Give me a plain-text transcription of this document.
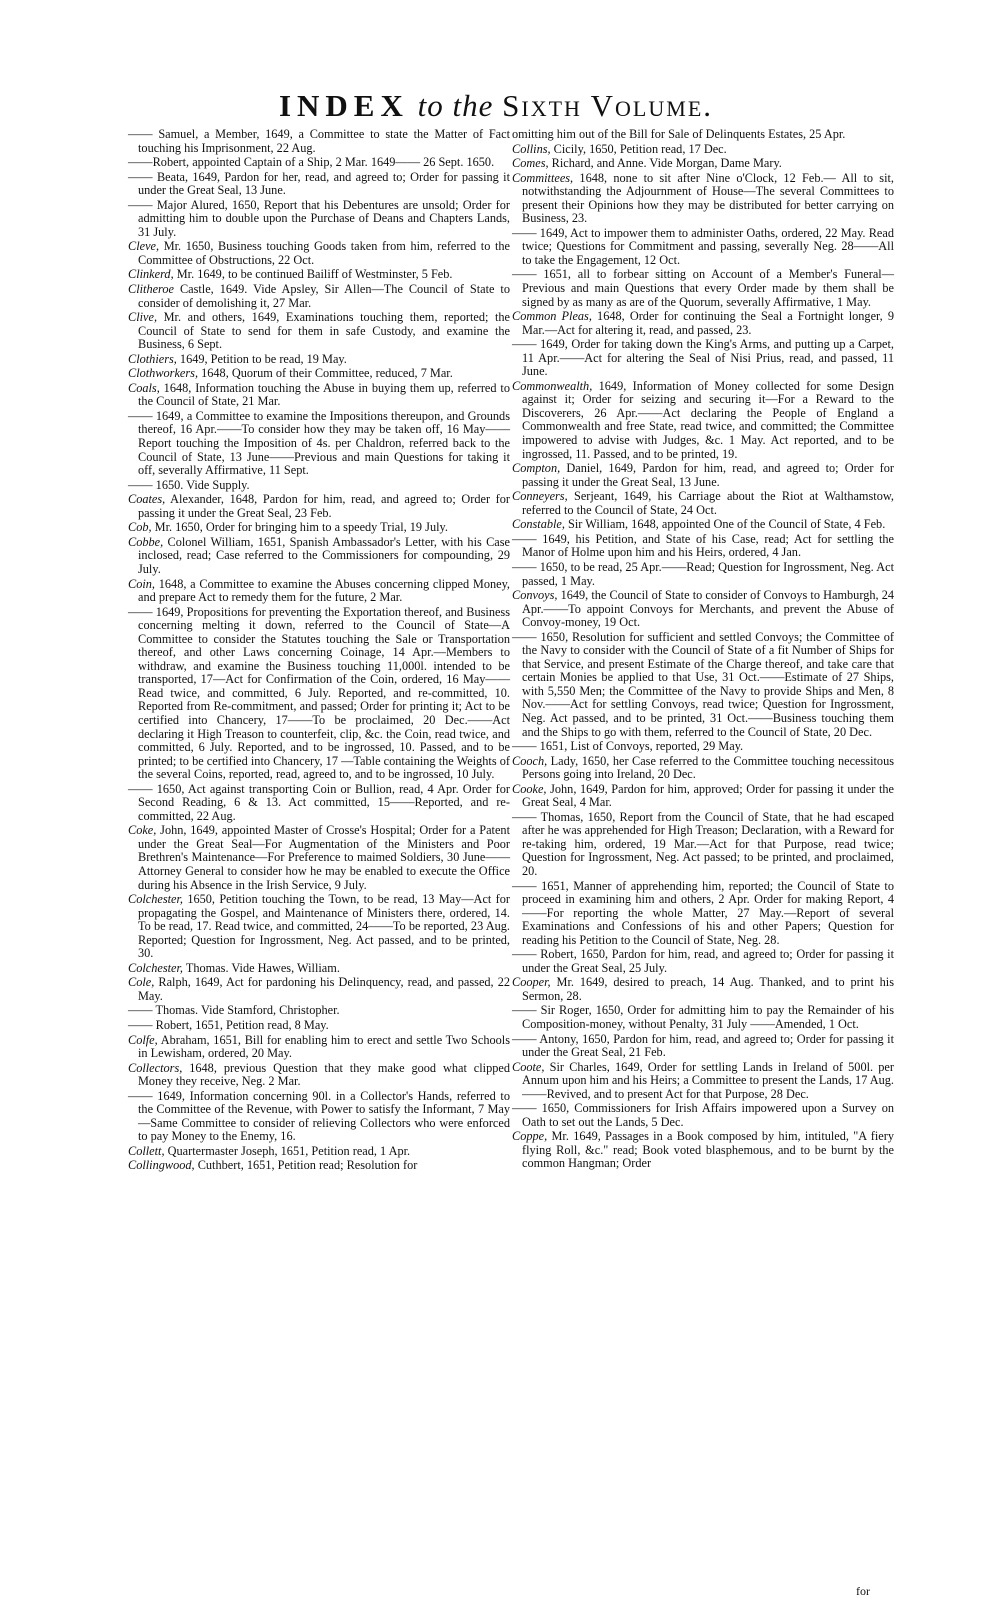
INDEX to the Sixth Volume.
—— Samuel, a Member, 1649, a Committee to state the Matter of Fact touching his Imprisonment, 22 Aug.
——Robert, appointed Captain of a Ship, 2 Mar. 1649—— 26 Sept. 1650.
—— Beata, 1649, Pardon for her, read, and agreed to; Order for passing it under the Great Seal, 13 June.
—— Major Alured, 1650, Report that his Debentures are unsold; Order for admitting him to double upon the Purchase of Deans and Chapters Lands, 31 July.
Cleve, Mr. 1650, Business touching Goods taken from him, referred to the Committee of Obstructions, 22 Oct.
Clinkerd, Mr. 1649, to be continued Bailiff of Westminster, 5 Feb.
Clitheroe Castle, 1649. Vide Apsley, Sir Allen—The Council of State to consider of demolishing it, 27 Mar.
Clive, Mr. and others, 1649, Examinations touching them, reported; the Council of State to send for them in safe Custody, and examine the Business, 6 Sept.
Clothiers, 1649, Petition to be read, 19 May.
Clothworkers, 1648, Quorum of their Committee, reduced, 7 Mar.
Coals, 1648, Information touching the Abuse in buying them up, referred to the Council of State, 21 Mar.
—— 1649, a Committee to examine the Impositions thereupon, and Grounds thereof, 16 Apr.——To consider how they may be taken off, 16 May——Report touching the Imposition of 4s. per Chaldron, referred back to the Council of State, 13 June——Previous and main Questions for taking it off, severally Affirmative, 11 Sept.
—— 1650. Vide Supply.
Coates, Alexander, 1648, Pardon for him, read, and agreed to; Order for passing it under the Great Seal, 23 Feb.
Cob, Mr. 1650, Order for bringing him to a speedy Trial, 19 July.
Cobbe, Colonel William, 1651, Spanish Ambassador's Letter, with his Case inclosed, read; Case referred to the Commissioners for compounding, 29 July.
Coin, 1648, a Committee to examine the Abuses concerning clipped Money, and prepare Act to remedy them for the future, 2 Mar.
—— 1649, Propositions for preventing the Exportation thereof, and Business concerning melting it down, referred to the Council of State—A Committee to consider the Statutes touching the Sale or Transportation thereof, and other Laws concerning Coinage, 14 Apr.—Members to withdraw, and examine the Business touching 11,000l. intended to be transported, 17—Act for Confirmation of the Coin, ordered, 16 May——Read twice, and committed, 6 July. Reported, and re-committed, 10. Reported from Re-commitment, and passed; Order for printing it; Act to be certified into Chancery, 17——To be proclaimed, 20 Dec.——Act declaring it High Treason to counterfeit, clip, &c. the Coin, read twice, and committed, 6 July. Reported, and to be ingrossed, 10. Passed, and to be printed; to be certified into Chancery, 17 —Table containing the Weights of the several Coins, reported, read, agreed to, and to be ingrossed, 10 July.
—— 1650, Act against transporting Coin or Bullion, read, 4 Apr. Order for Second Reading, 6 & 13. Act committed, 15——Reported, and re-committed, 22 Aug.
Coke, John, 1649, appointed Master of Crosse's Hospital; Order for a Patent under the Great Seal—For Augmentation of the Ministers and Poor Brethren's Maintenance—For Preference to maimed Soldiers, 30 June——Attorney General to consider how he may be enabled to execute the Office during his Absence in the Irish Service, 9 July.
Colchester, 1650, Petition touching the Town, to be read, 13 May—Act for propagating the Gospel, and Maintenance of Ministers there, ordered, 14. To be read, 17. Read twice, and committed, 24——To be reported, 23 Aug. Reported; Question for Ingrossment, Neg. Act passed, and to be printed, 30.
Colchester, Thomas. Vide Hawes, William.
Cole, Ralph, 1649, Act for pardoning his Delinquency, read, and passed, 22 May.
—— Thomas. Vide Stamford, Christopher.
—— Robert, 1651, Petition read, 8 May.
Colfe, Abraham, 1651, Bill for enabling him to erect and settle Two Schools in Lewisham, ordered, 20 May.
Collectors, 1648, previous Question that they make good what clipped Money they receive, Neg. 2 Mar.
—— 1649, Information concerning 90l. in a Collector's Hands, referred to the Committee of the Revenue, with Power to satisfy the Informant, 7 May—Same Committee to consider of relieving Collectors who were enforced to pay Money to the Enemy, 16.
Collett, Quartermaster Joseph, 1651, Petition read, 1 Apr.
Collingwood, Cuthbert, 1651, Petition read; Resolution for
omitting him out of the Bill for Sale of Delinquents Estates, 25 Apr.
Collins, Cicily, 1650, Petition read, 17 Dec.
Comes, Richard, and Anne. Vide Morgan, Dame Mary.
Committees, 1648, none to sit after Nine o'Clock, 12 Feb.— All to sit, notwithstanding the Adjournment of House—The several Committees to present their Opinions how they may be distributed for better carrying on Business, 23.
—— 1649, Act to impower them to administer Oaths, ordered, 22 May. Read twice; Questions for Commitment and passing, severally Neg. 28——All to take the Engagement, 12 Oct.
—— 1651, all to forbear sitting on Account of a Member's Funeral—Previous and main Questions that every Order made by them shall be signed by as many as are of the Quorum, severally Affirmative, 1 May.
Common Pleas, 1648, Order for continuing the Seal a Fortnight longer, 9 Mar.—Act for altering it, read, and passed, 23.
—— 1649, Order for taking down the King's Arms, and putting up a Carpet, 11 Apr.——Act for altering the Seal of Nisi Prius, read, and passed, 11 June.
Commonwealth, 1649, Information of Money collected for some Design against it; Order for seizing and securing it—For a Reward to the Discoverers, 26 Apr.——Act declaring the People of England a Commonwealth and free State, read twice, and committed; the Committee impowered to advise with Judges, &c. 1 May. Act reported, and to be ingrossed, 11. Passed, and to be printed, 19.
Compton, Daniel, 1649, Pardon for him, read, and agreed to; Order for passing it under the Great Seal, 13 June.
Conneyers, Serjeant, 1649, his Carriage about the Riot at Walthamstow, referred to the Council of State, 24 Oct.
Constable, Sir William, 1648, appointed One of the Council of State, 4 Feb.
—— 1649, his Petition, and State of his Case, read; Act for settling the Manor of Holme upon him and his Heirs, ordered, 4 Jan.
—— 1650, to be read, 25 Apr.——Read; Question for Ingrossment, Neg. Act passed, 1 May.
Convoys, 1649, the Council of State to consider of Convoys to Hamburgh, 24 Apr.——To appoint Convoys for Merchants, and prevent the Abuse of Convoy-money, 19 Oct.
—— 1650, Resolution for sufficient and settled Convoys; the Committee of the Navy to consider with the Council of State of a fit Number of Ships for that Service, and present Estimate of the Charge thereof, and take care that certain Monies be applied to that Use, 31 Oct.——Estimate of 27 Ships, with 5,550 Men; the Committee of the Navy to provide Ships and Men, 8 Nov.——Act for settling Convoys, read twice; Question for Ingrossment, Neg. Act passed, and to be printed, 31 Oct.——Business touching them and the Ships to go with them, referred to the Council of State, 20 Dec.
—— 1651, List of Convoys, reported, 29 May.
Cooch, Lady, 1650, her Case referred to the Committee touching necessitous Persons going into Ireland, 20 Dec.
Cooke, John, 1649, Pardon for him, approved; Order for passing it under the Great Seal, 4 Mar.
—— Thomas, 1650, Report from the Council of State, that he had escaped after he was apprehended for High Treason; Declaration, with a Reward for re-taking him, ordered, 19 Mar.—Act for that Purpose, read twice; Question for Ingrossment, Neg. Act passed; to be printed, and proclaimed, 20.
—— 1651, Manner of apprehending him, reported; the Council of State to proceed in examining him and others, 2 Apr. Order for making Report, 4——For reporting the whole Matter, 27 May.—Report of several Examinations and Confessions of his and other Papers; Question for reading his Petition to the Council of State, Neg. 28.
—— Robert, 1650, Pardon for him, read, and agreed to; Order for passing it under the Great Seal, 25 July.
Cooper, Mr. 1649, desired to preach, 14 Aug. Thanked, and to print his Sermon, 28.
—— Sir Roger, 1650, Order for admitting him to pay the Remainder of his Composition-money, without Penalty, 31 July ——Amended, 1 Oct.
—— Antony, 1650, Pardon for him, read, and agreed to; Order for passing it under the Great Seal, 21 Feb.
Coote, Sir Charles, 1649, Order for settling Lands in Ireland of 500l. per Annum upon him and his Heirs; a Committee to present the Lands, 17 Aug.——Revived, and to present Act for that Purpose, 28 Dec.
—— 1650, Commissioners for Irish Affairs impowered upon a Survey on Oath to set out the Lands, 5 Dec.
Coppe, Mr. 1649, Passages in a Book composed by him, intituled, "A fiery flying Roll, &c." read; Book voted blasphemous, and to be burnt by the common Hangman; Order
for
